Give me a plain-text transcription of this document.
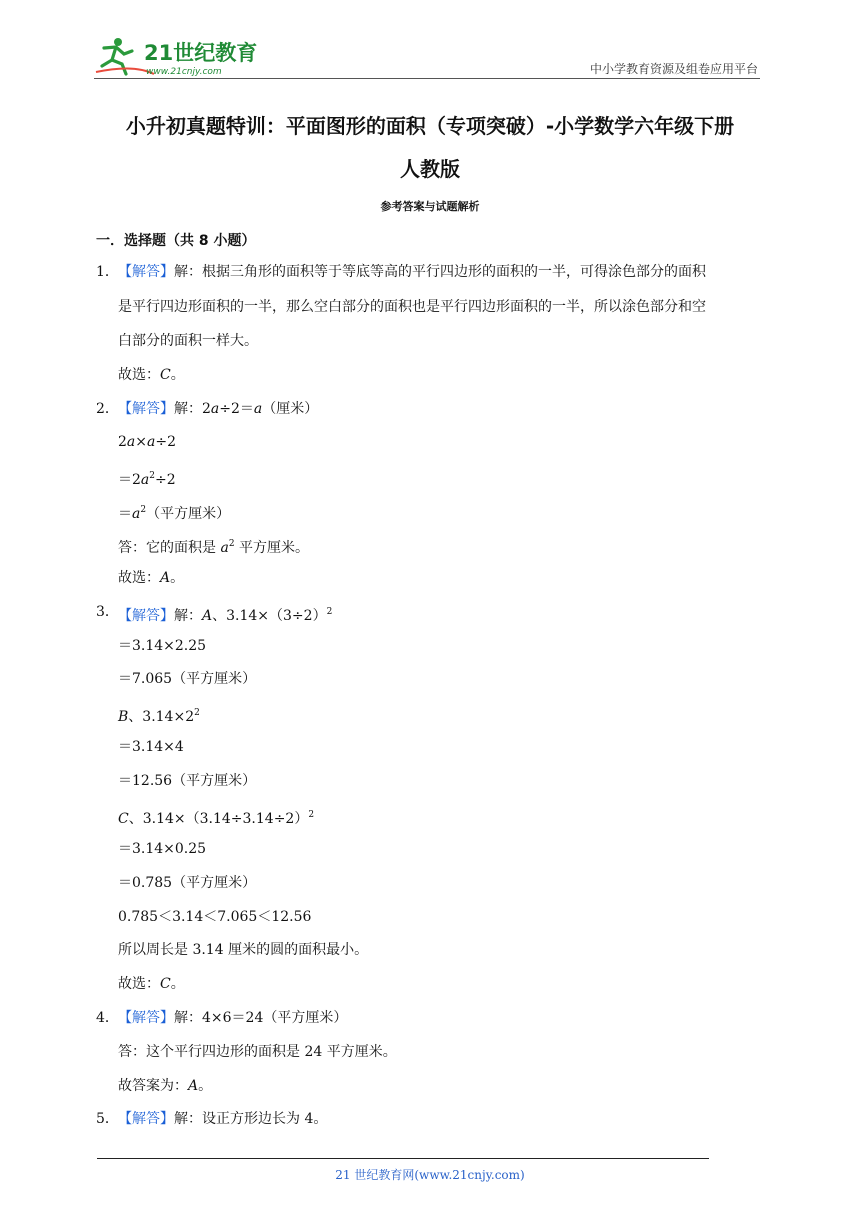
21世纪教育
www.21cnjy.com	中小学教育资源及组卷应用平台
小升初真题特训：平面图形的面积（专项突破）-小学数学六年级下册
人教版
参考答案与试题解析
一．选择题（共 8 小题）
1． 【解答】解：根据三角形的面积等于等底等高的平行四边形的面积的一半，可得涂色部分的面积
是平行四边形面积的一半，那么空白部分的面积也是平行四边形面积的一半，所以涂色部分和空
白部分的面积一样大。
故选：C。
2． 【解答】解：2a÷2＝a（厘米）
2a×a÷2
$=2a^2\div 2$
$=a^2$（平方厘米）
答：它的面积是 $a^2$ 平方厘米。
故选：A。
3． 【解答】解：A、$3.14\times(3\div 2)^2$
＝3.14×2.25
＝7.065（平方厘米）
B、$3.14\times 2^2$
＝3.14×4
＝12.56（平方厘米）
C、$3.14\times(3.14\div 3.14\div 2)^2$
＝3.14×0.25
＝0.785（平方厘米）
0.785＜3.14＜7.065＜12.56
所以周长是 3.14 厘米的圆的面积最小。
故选：C。
4． 【解答】解：4×6＝24（平方厘米）
答：这个平行四边形的面积是 24 平方厘米。
故答案为：A。
5． 【解答】解：设正方形边长为 4。
21 世纪教育网(www.21cnjy.com)
